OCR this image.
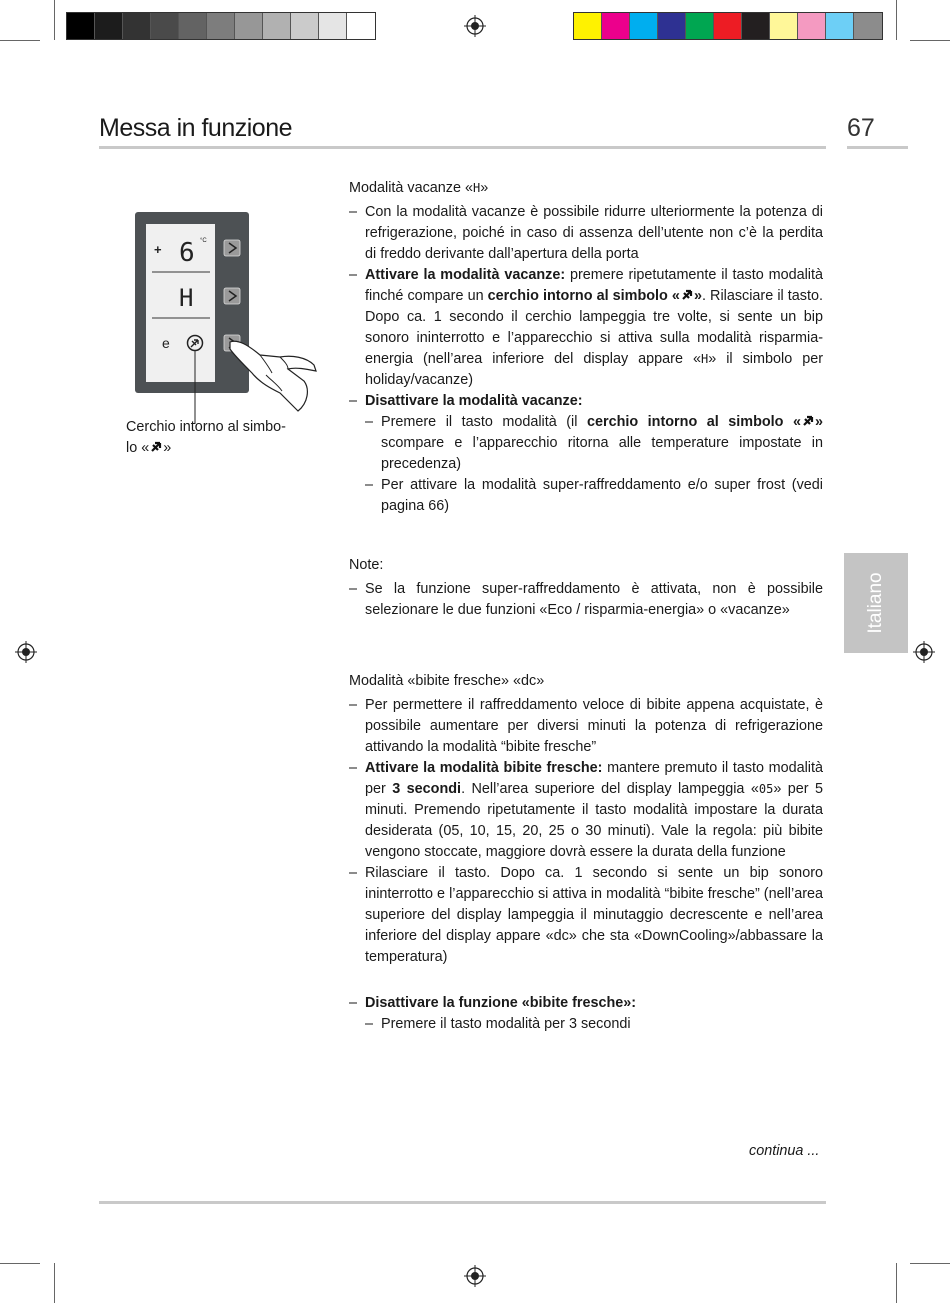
Messa in funzione	67
Italiano
+ 6 °C
H
e
Cerchio intorno al simbo-
lo « »

Modalità vacanze «H»

– Con la modalità vacanze è possibile ridurre ulteriormente la potenza di refrigerazione, poiché in caso di assenza dell’utente non c’è la perdita di freddo derivante dall’apertura della porta

– Attivare la modalità vacanze: premere ripetutamente il tasto modalità finché compare un cerchio intorno al simbolo « ». Rilasciare il tasto. Dopo ca. 1 secondo il cerchio lampeggia tre volte, si sente un bip sonoro ininterrotto e l’apparecchio si attiva sulla modalità risparmia-energia (nell’area inferiore del display appare «H» il simbolo per holiday/vacanze)

– Disattivare la modalità vacanze:

– Premere il tasto modalità (il cerchio intorno al simbolo « » scompare e l’apparecchio ritorna alle temperature impostate in precedenza)

– Per attivare la modalità super-raffreddamento e/o super frost (vedi pagina 66)

Note:

– Se la funzione super-raffreddamento è attivata, non è possibile selezionare le due funzioni «Eco / risparmia-energia» o «vacanze»

Modalità «bibite fresche» «dc»

– Per permettere il raffreddamento veloce di bibite appena acquistate, è possibile aumentare per diversi minuti la potenza di refrigerazione attivando la modalità “bibite fresche”

– Attivare la modalità bibite fresche: mantere premuto il tasto modalità per 3 secondi. Nell’area superiore del display lampeggia «05» per 5 minuti. Premendo ripetutamente il tasto modalità impostare la durata desiderata (05, 10, 15, 20, 25 o 30 minuti). Vale la regola: più bibite vengono stoccate, maggiore dovrà essere la durata della funzione

– Rilasciare il tasto. Dopo ca. 1 secondo si sente un bip sonoro ininterrotto e l’apparecchio si attiva in modalità “bibite fresche” (nell’area superiore del display lampeggia il minutaggio decrescente e nell’area inferiore del display appare «dc» che sta «DownCooling»/abbassare la temperatura)

– Disattivare la funzione «bibite fresche»:

– Premere il tasto modalità per 3 secondi

continua ...
